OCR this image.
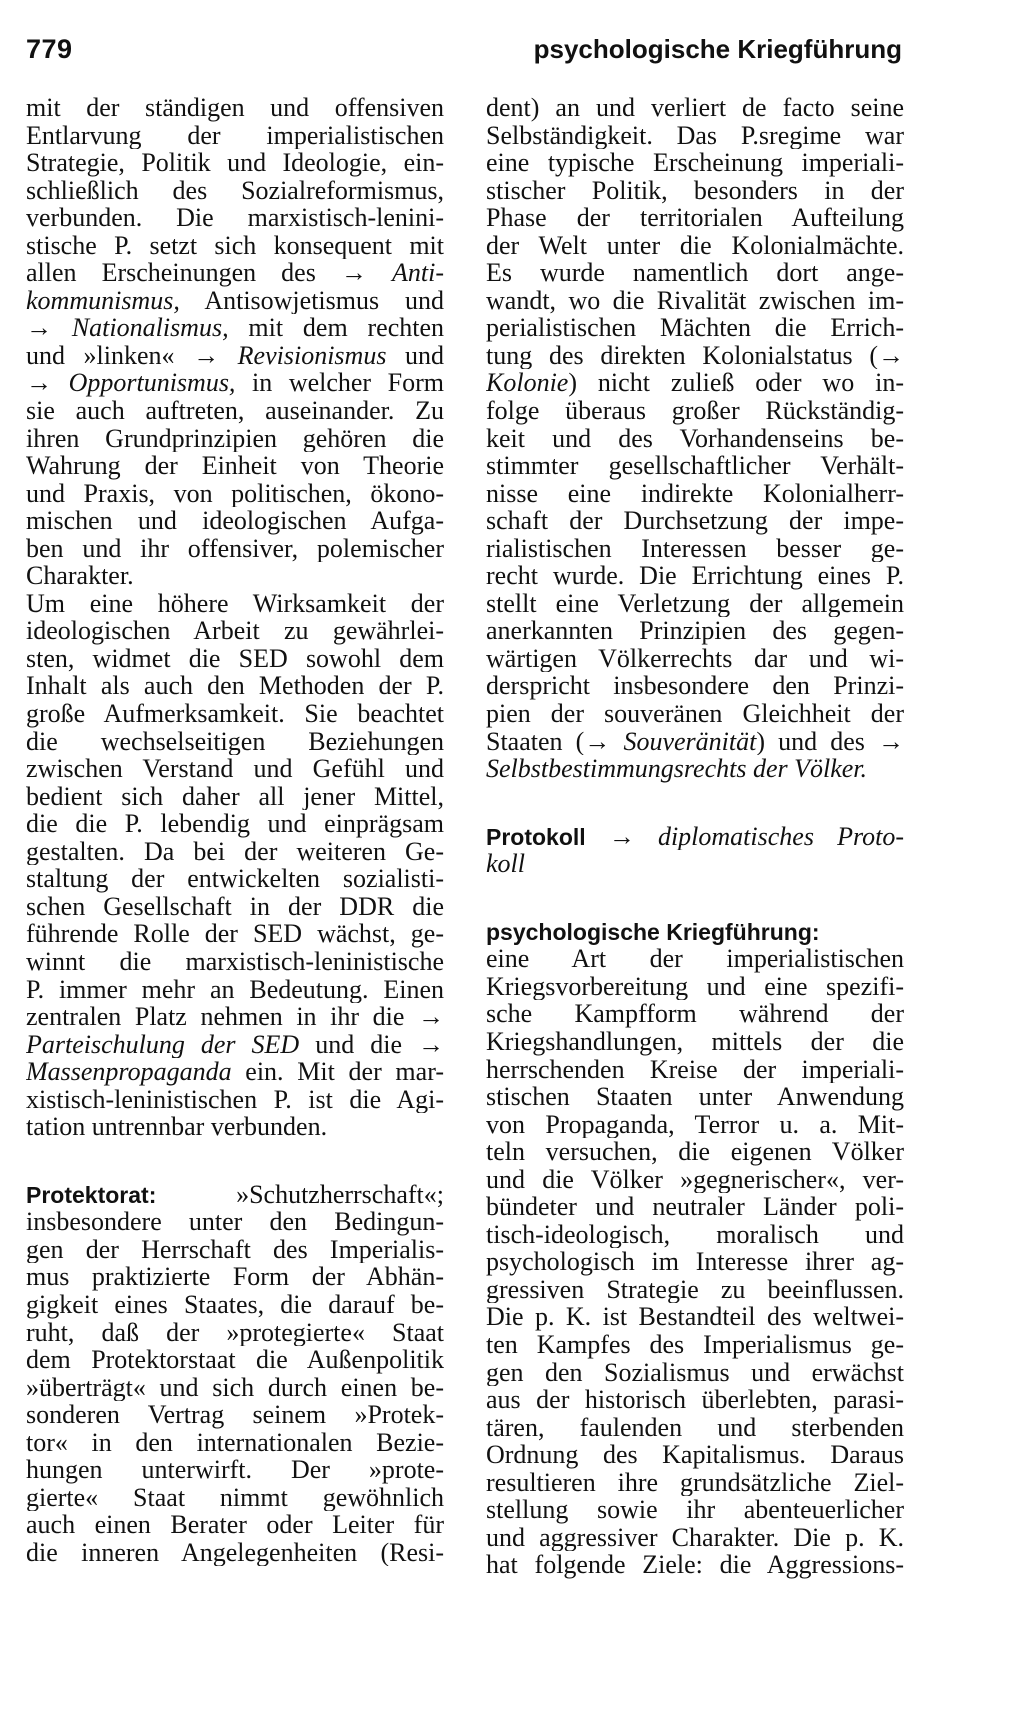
779	psychologische Kriegführung
mit der ständigen und offensiven
Entlarvung der imperialistischen
Strategie, Politik und Ideologie, ein-
schließlich des Sozialreformismus,
verbunden. Die marxistisch-lenini-
stische P. setzt sich konsequent mit
allen Erscheinungen des → Anti-
kommunismus, Antisowjetismus und
→ Nationalismus, mit dem rechten
und »linken« → Revisionismus und
→ Opportunismus, in welcher Form
sie auch auftreten, auseinander. Zu
ihren Grundprinzipien gehören die
Wahrung der Einheit von Theorie
und Praxis, von politischen, ökono-
mischen und ideologischen Aufga-
ben und ihr offensiver, polemischer
Charakter.
Um eine höhere Wirksamkeit der
ideologischen Arbeit zu gewährlei-
sten, widmet die SED sowohl dem
Inhalt als auch den Methoden der P.
große Aufmerksamkeit. Sie beachtet
die wechselseitigen Beziehungen
zwischen Verstand und Gefühl und
bedient sich daher all jener Mittel,
die die P. lebendig und einprägsam
gestalten. Da bei der weiteren Ge-
staltung der entwickelten sozialisti-
schen Gesellschaft in der DDR die
führende Rolle der SED wächst, ge-
winnt die marxistisch-leninistische
P. immer mehr an Bedeutung. Einen
zentralen Platz nehmen in ihr die →
Parteischulung der SED und die →
Massenpropaganda ein. Mit der mar-
xistisch-leninistischen P. ist die Agi-
tation untrennbar verbunden.
Protektorat:	»Schutzherrschaft«;
insbesondere unter den Bedingun-
gen der Herrschaft des Imperialis-
mus praktizierte Form der Abhän-
gigkeit eines Staates, die darauf be-
ruht, daß der »protegierte« Staat
dem Protektorstaat die Außenpolitik
»überträgt« und sich durch einen be-
sonderen Vertrag seinem »Protek-
tor« in den internationalen Bezie-
hungen unterwirft. Der »prote-
gierte« Staat nimmt gewöhnlich
auch einen Berater oder Leiter für
die inneren Angelegenheiten (Resi-
dent) an und verliert de facto seine
Selbständigkeit. Das P.sregime war
eine typische Erscheinung imperiali-
stischer Politik, besonders in der
Phase der territorialen Aufteilung
der Welt unter die Kolonialmächte.
Es wurde namentlich dort ange-
wandt, wo die Rivalität zwischen im-
perialistischen Mächten die Errich-
tung des direkten Kolonialstatus (→
Kolonie) nicht zuließ oder wo in-
folge überaus großer Rückständig-
keit und des Vorhandenseins be-
stimmter gesellschaftlicher Verhält-
nisse eine indirekte Kolonialherr-
schaft der Durchsetzung der impe-
rialistischen Interessen besser ge-
recht wurde. Die Errichtung eines P.
stellt eine Verletzung der allgemein
anerkannten Prinzipien des gegen-
wärtigen Völkerrechts dar und wi-
derspricht insbesondere den Prinzi-
pien der souveränen Gleichheit der
Staaten (→ Souveränität) und des →
Selbstbestimmungsrechts der Völker.
Protokoll → diplomatisches Proto-
koll
psychologische Kriegführung:
eine Art der imperialistischen
Kriegsvorbereitung und eine spezifi-
sche Kampfform während der
Kriegshandlungen, mittels der die
herrschenden Kreise der imperiali-
stischen Staaten unter Anwendung
von Propaganda, Terror u. a. Mit-
teln versuchen, die eigenen Völker
und die Völker »gegnerischer«, ver-
bündeter und neutraler Länder poli-
tisch-ideologisch, moralisch und
psychologisch im Interesse ihrer ag-
gressiven Strategie zu beeinflussen.
Die p. K. ist Bestandteil des weltwei-
ten Kampfes des Imperialismus ge-
gen den Sozialismus und erwächst
aus der historisch überlebten, parasi-
tären, faulenden und sterbenden
Ordnung des Kapitalismus. Daraus
resultieren ihre grundsätzliche Ziel-
stellung sowie ihr abenteuerlicher
und aggressiver Charakter. Die p. K.
hat folgende Ziele: die Aggressions-
